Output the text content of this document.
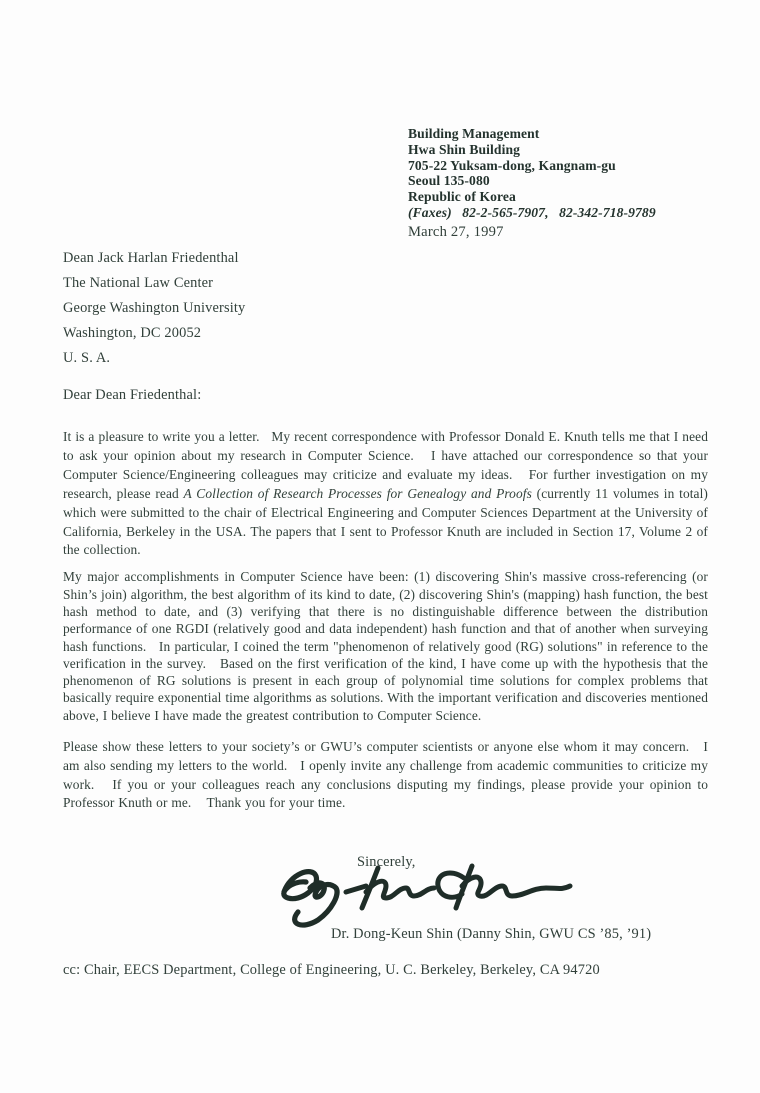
Building Management
Hwa Shin Building
705-22 Yuksam-dong, Kangnam-gu
Seoul 135-080
Republic of Korea
(Faxes)   82-2-565-7907,   82-342-718-9789
March 27, 1997
Dean Jack Harlan Friedenthal
The National Law Center
George Washington University
Washington, DC 20052
U. S. A.
Dear Dean Friedenthal:

It is a pleasure to write you a letter.   My recent correspondence with Professor Donald E. Knuth tells me that I need to ask your opinion about my research in Computer Science.   I have attached our correspondence so that your Computer Science/Engineering colleagues may criticize and evaluate my ideas.   For further investigation on my research, please read A Collection of Research Processes for Genealogy and Proofs (currently 11 volumes in total) which were submitted to the chair of Electrical Engineering and Computer Sciences Department at the University of California, Berkeley in the USA. The papers that I sent to Professor Knuth are included in Section 17, Volume 2 of the collection.

My major accomplishments in Computer Science have been: (1) discovering Shin's massive cross-referencing (or Shin’s join) algorithm, the best algorithm of its kind to date, (2) discovering Shin's (mapping) hash function, the best hash method to date, and (3) verifying that there is no distinguishable difference between the distribution performance of one RGDI (relatively good and data independent) hash function and that of another when surveying hash functions.   In particular, I coined the term "phenomenon of relatively good (RG) solutions" in reference to the verification in the survey.   Based on the first verification of the kind, I have come up with the hypothesis that the phenomenon of RG solutions is present in each group of polynomial time solutions for complex problems that basically require exponential time algorithms as solutions. With the important verification and discoveries mentioned above, I believe I have made the greatest contribution to Computer Science.

Please show these letters to your society’s or GWU’s computer scientists or anyone else whom it may concern.   I am also sending my letters to the world.   I openly invite any challenge from academic communities to criticize my work.   If you or your colleagues reach any conclusions disputing my findings, please provide your opinion to Professor Knuth or me.    Thank you for your time.

Sincerely,
Dr. Dong-Keun Shin (Danny Shin, GWU CS ’85, ’91)
cc: Chair, EECS Department, College of Engineering, U. C. Berkeley, Berkeley, CA 94720
